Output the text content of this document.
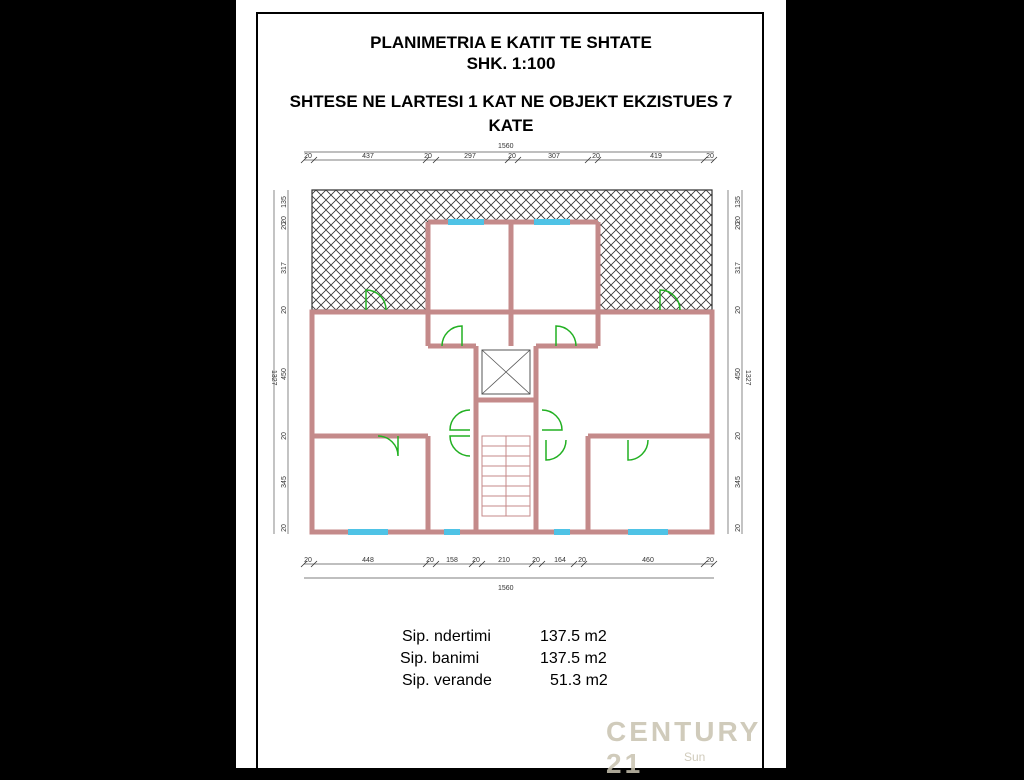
PLANIMETRIA E KATIT TE SHTATE
SHK. 1:100
SHTESE NE LARTESI 1 KAT NE OBJEKT EKZISTUES 7
KATE
1560
20	437	20	297	20	307	20	419	20
1560
20	448	20 158 20	210	20 164 20	460	20
1327	1327
20
135
20
317
20
450
20
345
20
20
135
20
317
20
450
20
345
20
Sip. ndertimi	137.5 m2
Sip. banimi	137.5 m2
Sip. verande	51.3 m2
CENTURY 21	Sun
